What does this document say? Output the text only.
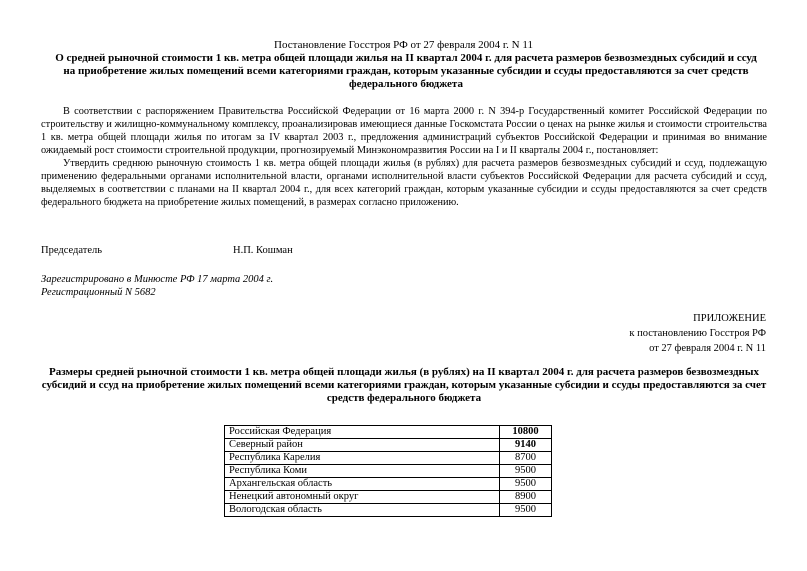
Постановление Госстроя РФ от 27 февраля 2004 г. N 11
О средней рыночной стоимости 1 кв. метра общей площади жилья на II квартал 2004 г. для расчета размеров безвозмездных субсидий и ссуд на приобретение жилых помещений всеми категориями граждан, которым указанные субсидии и ссуды предоставляются за счет средств федерального бюджета

В соответствии с распоряжением Правительства Российской Федерации от 16 марта 2000 г. N 394-р Государственный комитет Российской Федерации по строительству и жилищно-коммунальному комплексу, проанализировав имеющиеся данные Госкомстата России о ценах на рынке жилья и стоимости строительства 1 кв. метра общей площади жилья по итогам за IV квартал 2003 г., предложения администраций субъектов Российской Федерации и принимая во внимание ожидаемый рост стоимости строительной продукции, прогнозируемый Минэкономразвития России на I и II кварталы 2004 г., постановляет:

Утвердить среднюю рыночную стоимость 1 кв. метра общей площади жилья (в рублях) для расчета размеров безвозмездных субсидий и ссуд, подлежащую применению федеральными органами исполнительной власти, органами исполнительной власти субъектов Российской Федерации для расчета субсидий и ссуд, выделяемых в соответствии с планами на II квартал 2004 г., для всех категорий граждан, которым указанные субсидии и ссуды предоставляются за счет средств федерального бюджета на приобретение жилых помещений, в размерах согласно приложению.

Председатель	Н.П. Кошман
Зарегистрировано в Минюсте РФ 17 марта 2004 г.
Регистрационный N 5682
ПРИЛОЖЕНИЕ
к постановлению Госстроя РФ
от 27 февраля 2004 г. N 11
Размеры средней рыночной стоимости 1 кв. метра общей площади жилья (в рублях) на II квартал 2004 г. для расчета размеров безвозмездных субсидий и ссуд на приобретение жилых помещений всеми категориями граждан, которым указанные субсидии и ссуды предоставляются за счет средств федерального бюджета
Российская Федерация	10800
Северный район	9140
Республика Карелия	8700
Республика Коми	9500
Архангельская область	9500
Ненецкий автономный округ	8900
Вологодская область	9500
